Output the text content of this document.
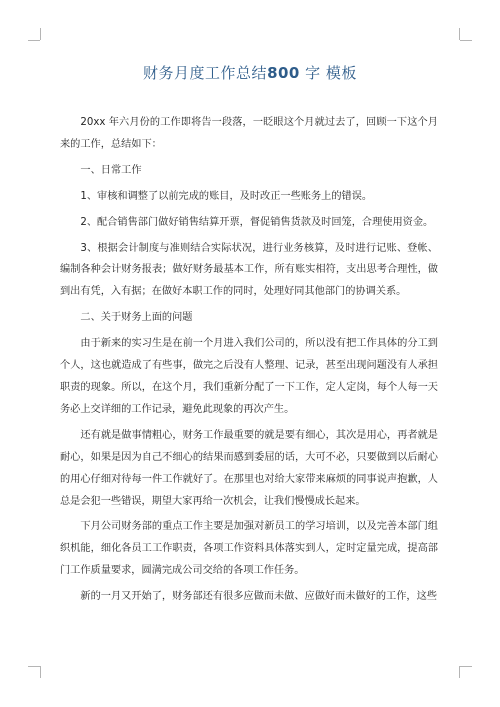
财务月度工作总结800 字 模板

20xx 年六月份的工作即将告一段落，一眨眼这个月就过去了，回顾一下这个月来的工作，总结如下：

一、日常工作

1、审核和调整了以前完成的账目，及时改正一些账务上的错误。

2、配合销售部门做好销售结算开票，督促销售货款及时回笼，合理使用资金。

3、根据会计制度与准则结合实际状况，进行业务核算，及时进行记账、登帐、编制各种会计财务报表；做好财务最基本工作，所有账实相符，支出思考合理性，做到出有凭，入有据；在做好本职工作的同时，处理好同其他部门的协调关系。

二、关于财务上面的问题

由于新来的实习生是在前一个月进入我们公司的，所以没有把工作具体的分工到个人，这也就造成了有些事，做完之后没有人整理、记录，甚至出现问题没有人承担职责的现象。所以，在这个月，我们重新分配了一下工作，定人定岗，每个人每一天务必上交详细的工作记录，避免此现象的再次产生。

还有就是做事情粗心，财务工作最重要的就是要有细心，其次是用心，再者就是耐心，如果是因为自己不细心的结果而感到委屈的话，大可不必，只要做到以后耐心的用心仔细对待每一件工作就好了。在那里也对给大家带来麻烦的同事说声抱歉，人总是会犯一些错误，期望大家再给一次机会，让我们慢慢成长起来。

下月公司财务部的重点工作主要是加强对新员工的学习培训，以及完善本部门组织机能，细化各员工工作职责，各项工作资料具体落实到人，定时定量完成，提高部门工作质量要求，圆满完成公司交给的各项工作任务。

新的一月又开始了，财务部还有很多应做而未做、应做好而未做好的工作，这些
